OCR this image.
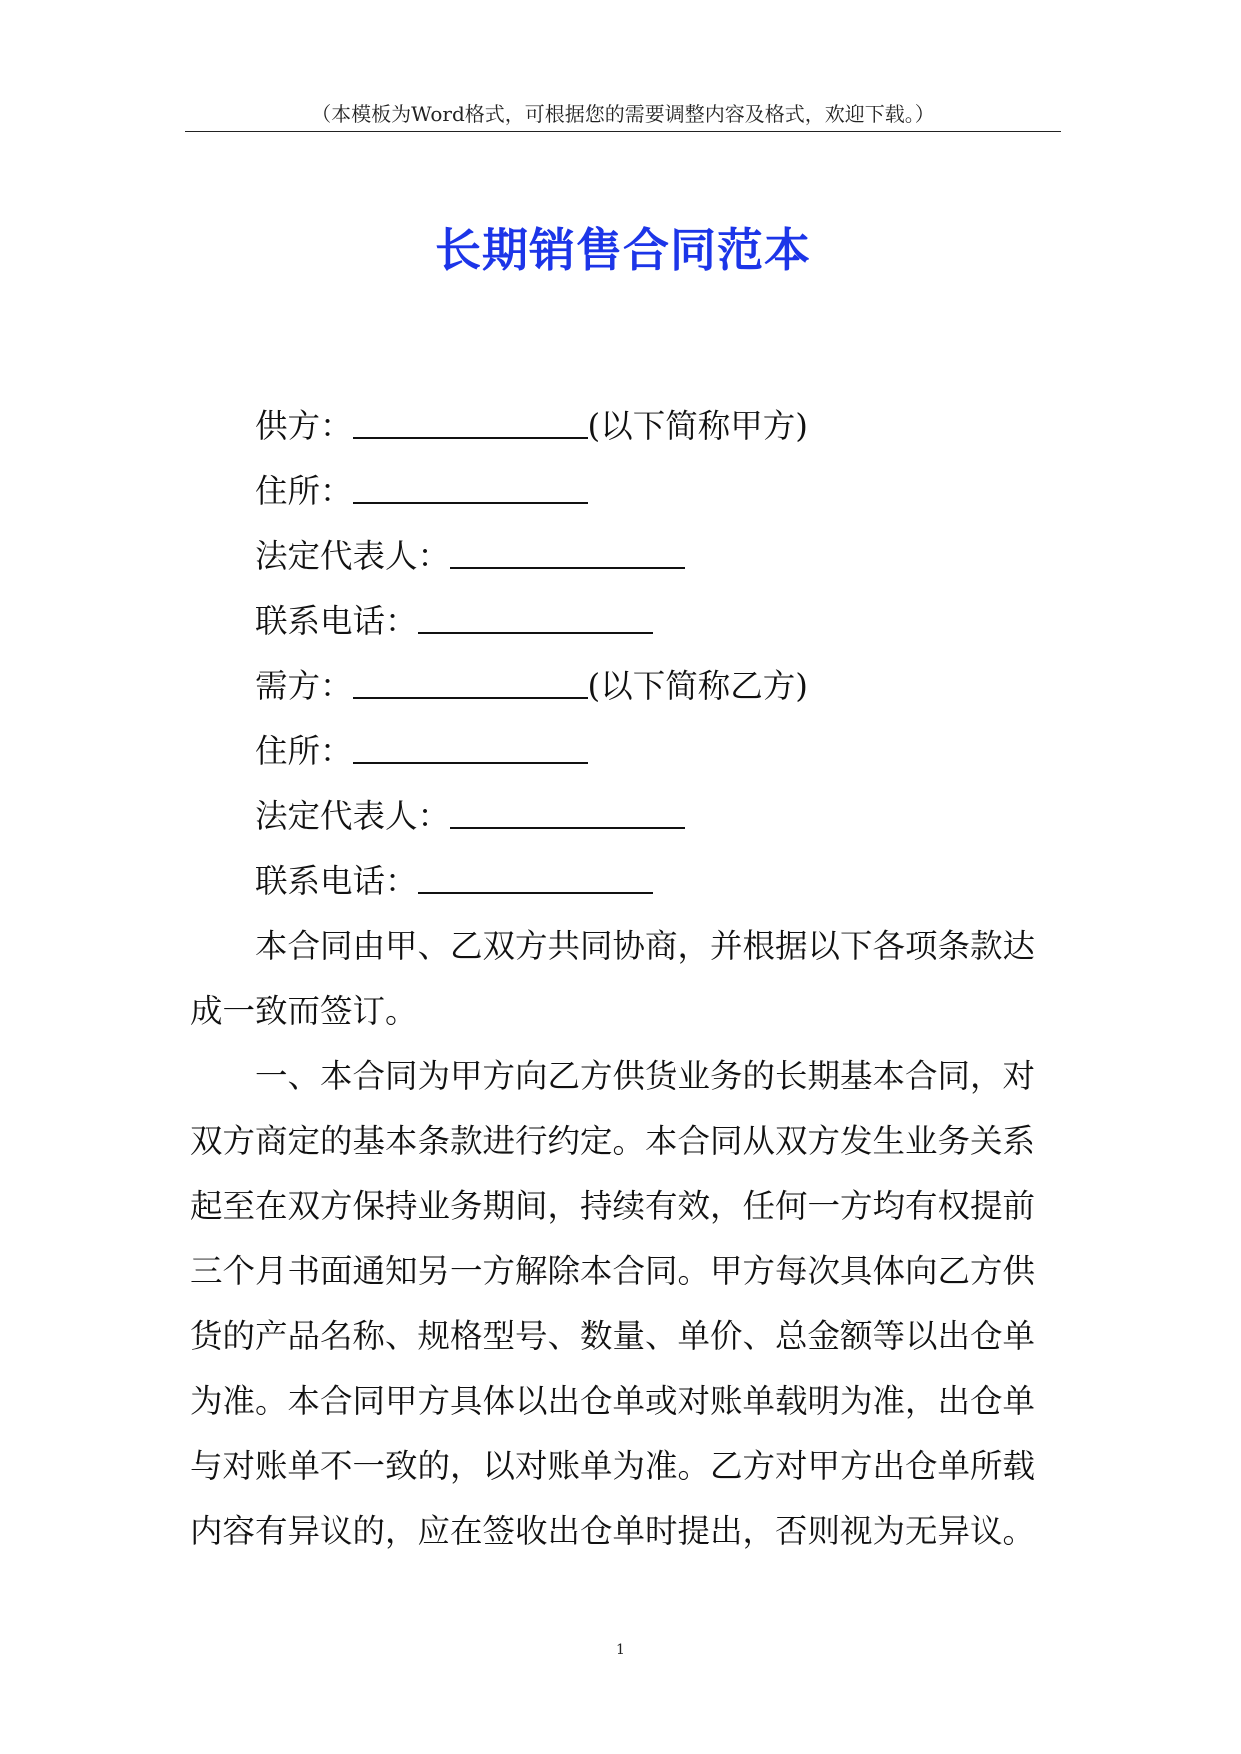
（本模板为Word格式，可根据您的需要调整内容及格式，欢迎下载。）
长期销售合同范本
供方：	(以下简称甲方)
住所：
法定代表人：
联系电话：
需方：	(以下简称乙方)
住所：
法定代表人：
联系电话：
本合同由甲、乙双方共同协商，并根据以下各项条款达
成一致而签订。
一、本合同为甲方向乙方供货业务的长期基本合同，对
双方商定的基本条款进行约定。本合同从双方发生业务关系
起至在双方保持业务期间，持续有效，任何一方均有权提前
三个月书面通知另一方解除本合同。甲方每次具体向乙方供
货的产品名称、规格型号、数量、单价、总金额等以出仓单
为准。本合同甲方具体以出仓单或对账单载明为准，出仓单
与对账单不一致的，以对账单为准。乙方对甲方出仓单所载
内容有异议的，应在签收出仓单时提出，否则视为无异议。
1
